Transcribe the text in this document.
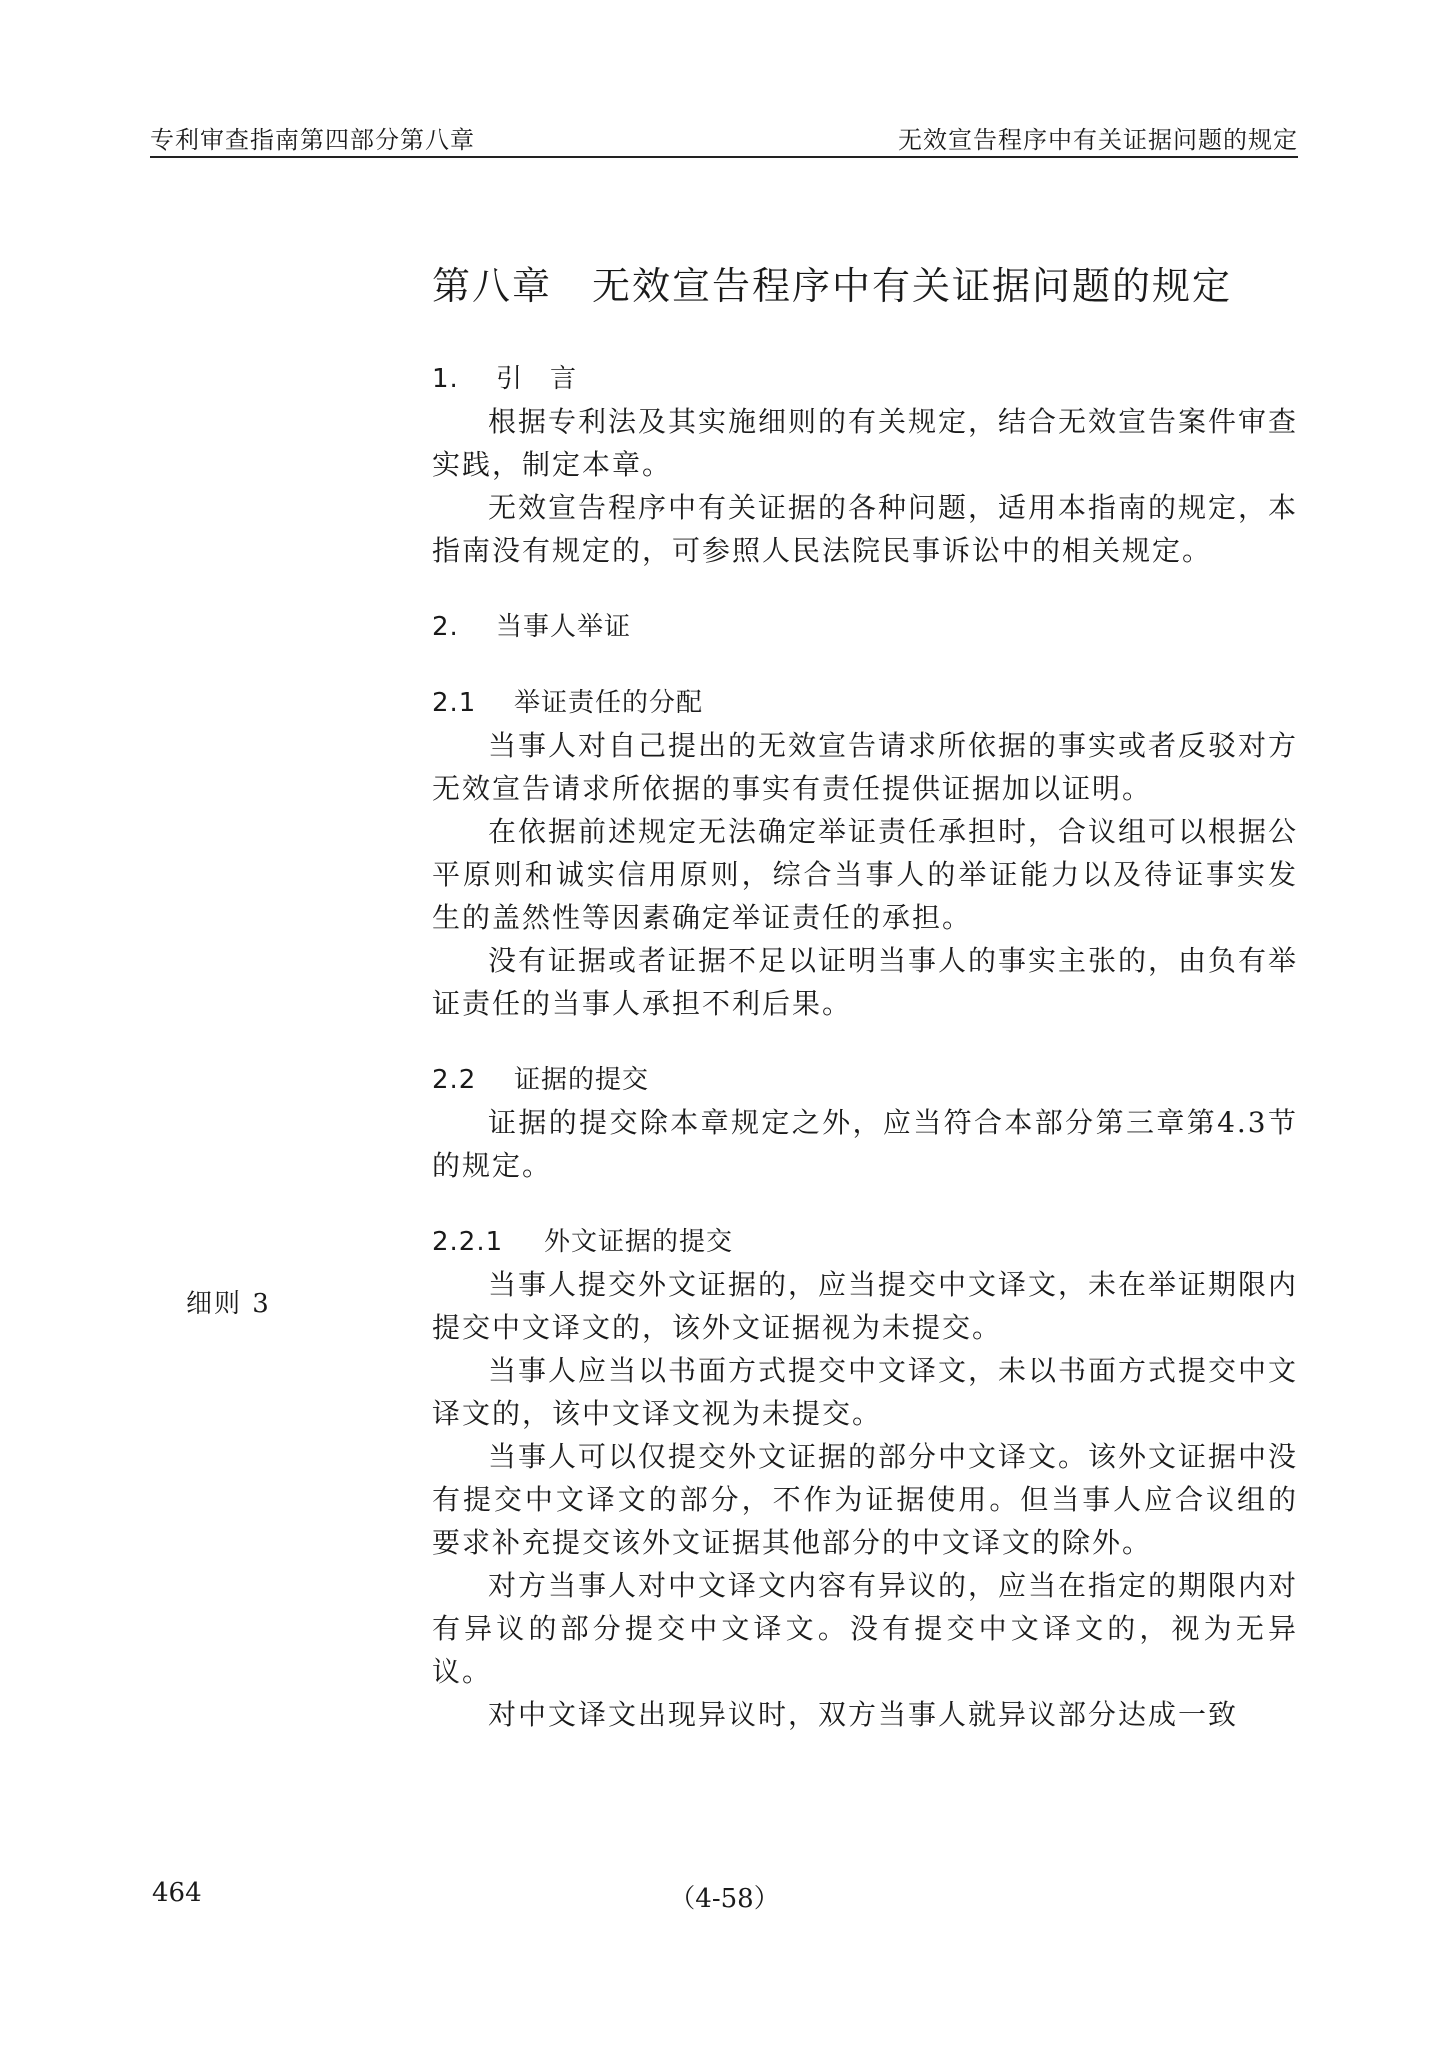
专利审查指南第四部分第八章	无效宣告程序中有关证据问题的规定
第八章　无效宣告程序中有关证据问题的规定
细则 3
1. 引　言

根据专利法及其实施细则的有关规定，结合无效宣告案件审查实践，制定本章。

无效宣告程序中有关证据的各种问题，适用本指南的规定，本指南没有规定的，可参照人民法院民事诉讼中的相关规定。

2. 当事人举证
2.1 举证责任的分配

当事人对自己提出的无效宣告请求所依据的事实或者反驳对方无效宣告请求所依据的事实有责任提供证据加以证明。

在依据前述规定无法确定举证责任承担时，合议组可以根据公平原则和诚实信用原则，综合当事人的举证能力以及待证事实发生的盖然性等因素确定举证责任的承担。

没有证据或者证据不足以证明当事人的事实主张的，由负有举证责任的当事人承担不利后果。

2.2 证据的提交

证据的提交除本章规定之外，应当符合本部分第三章第4.3节的规定。

2.2.1 外文证据的提交

当事人提交外文证据的，应当提交中文译文，未在举证期限内提交中文译文的，该外文证据视为未提交。

当事人应当以书面方式提交中文译文，未以书面方式提交中文译文的，该中文译文视为未提交。

当事人可以仅提交外文证据的部分中文译文。该外文证据中没有提交中文译文的部分，不作为证据使用。但当事人应合议组的要求补充提交该外文证据其他部分的中文译文的除外。

对方当事人对中文译文内容有异议的，应当在指定的期限内对有异议的部分提交中文译文。没有提交中文译文的，视为无异议。

对中文译文出现异议时，双方当事人就异议部分达成一致

464	（4-58）
